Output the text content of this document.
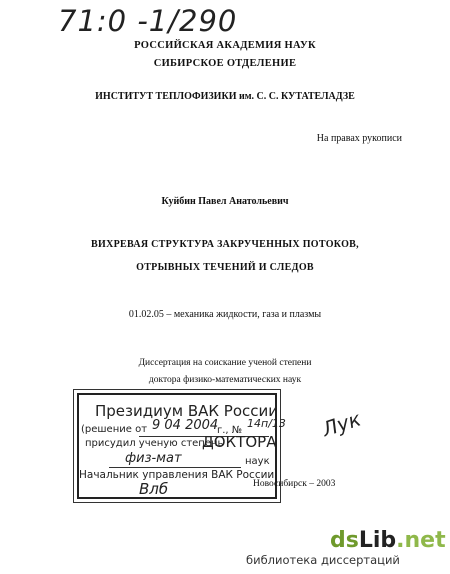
71:0 -1/290
РОССИЙСКАЯ АКАДЕМИЯ НАУК
СИБИРСКОЕ ОТДЕЛЕНИЕ
ИНСТИТУТ ТЕПЛОФИЗИКИ им. С. С. КУТАТЕЛАДЗЕ
На правах рукописи
Куйбин Павел Анатольевич
ВИХРЕВАЯ СТРУКТУРА ЗАКРУЧЕННЫХ ПОТОКОВ,
ОТРЫВНЫХ ТЕЧЕНИЙ И СЛЕДОВ
01.02.05 – механика жидкости, газа и плазмы
Диссертация на соискание ученой степени
доктора физико-математических наук
Президиум ВАК России
(решение от 9 04 2004
г., №
14п/13
присудил ученую степень
ДОКТОРА
физ-мат	наук
Начальник управления ВАК России
Влб	Новосибирск – 2003
Лук
dsLib.net
библиотека диссертаций
